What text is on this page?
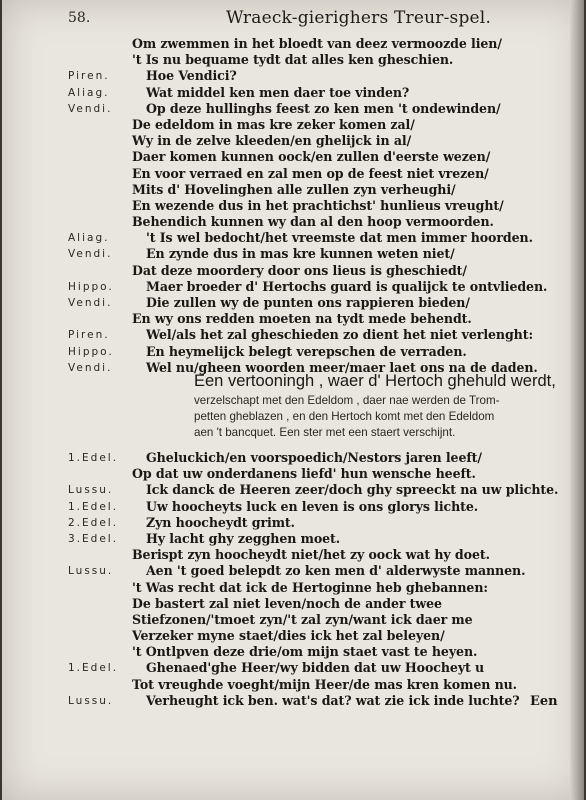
58.	Wraeck-gierighers Treur-spel.
Om zwemmen in het bloedt van deez vermoozde lien/
't Is nu bequame tydt dat alles ken gheschien.
Piren.	Hoe Vendici?
Aliag.	Wat middel ken men daer toe vinden?
Vendi.	Op deze hullinghs feest zo ken men 't ondewinden/
De edeldom in mas kre zeker komen zal/
Wy in de zelve kleeden/en ghelijck in al/
Daer komen kunnen oock/en zullen d'eerste wezen/
En voor verraed en zal men op de feest niet vrezen/
Mits d' Hovelinghen alle zullen zyn verheughi/
En wezende dus in het prachtichst' hunlieus vreught/
Behendich kunnen wy dan al den hoop vermoorden.
Aliag.	't Is wel bedocht/het vreemste dat men immer hoorden.
Vendi.	En zynde dus in mas kre kunnen weten niet/
Dat deze moordery door ons lieus is gheschiedt/
Hippo.	Maer broeder d' Hertochs guard is qualijck te ontvlieden.
Vendi.	Die zullen wy de punten ons rappieren bieden/
En wy ons redden moeten na tydt mede behendt.
Piren.	Wel/als het zal gheschieden zo dient het niet verlenght:
Hippo.	En heymelijck belegt verepschen de verraden.
Vendi.	Wel nu/gheen woorden meer/maer laet ons na de daden.
Een vertooningh , waer d' Hertoch ghehuld werdt,
verzelschapt met den Edeldom , daer nae werden de Trom-
petten gheblazen , en den Hertoch komt met den Edeldom
aen 't bancquet. Een ster met een staert verschijnt.
1.Edel. Gheluckich/en voorspoedich/Nestors jaren leeft/
Op dat uw onderdanens liefd' hun wensche heeft.
Lussu.	Ick danck de Heeren zeer/doch ghy spreeckt na uw plichte.
1.Edel. Uw hoocheyts luck en leven is ons glorys lichte.
2.Edel. Zyn hoocheydt grimt.
3.Edel. Hy lacht ghy zegghen moet.
Berispt zyn hoocheydt niet/het zy oock wat hy doet.
Lussu.	Aen 't goed belepdt zo ken men d' alderwyste mannen.
't Was recht dat ick de Hertoginne heb ghebannen:
De bastert zal niet leven/noch de ander twee
Stiefzonen/'tmoet zyn/'t zal zyn/want ick daer me
Verzeker myne staet/dies ick het zal beleyen/
't Ontlpven deze drie/om mijn staet vast te heyen.
1.Edel. Ghenaed'ghe Heer/wy bidden dat uw Hoocheyt u
Tot vreughde voeght/mijn Heer/de mas kren komen nu.
Lussu.	Verheught ick ben. wat's dat? wat zie ick inde luchte? Een
